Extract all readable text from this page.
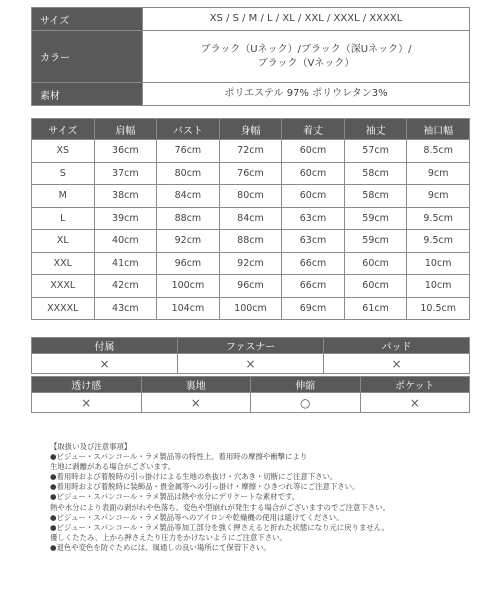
サイズ	XS / S / M / L / XL / XXL / XXXL / XXXXL
カラー	ブラック（Uネック）/ブラック（深Uネック）/
ブラック（Vネック）

素材	ポリエステル 97% ポリウレタン3%
サイズ	肩幅	バスト	身幅	着丈	袖丈	袖口幅
XS	36cm	76cm	72cm	60cm	57cm	8.5cm
S	37cm	80cm	76cm	60cm	58cm	9cm
M	38cm	84cm	80cm	60cm	58cm	9cm
L	39cm	88cm	84cm	63cm	59cm	9.5cm
XL	40cm	92cm	88cm	63cm	59cm	9.5cm
XXL	41cm	96cm	92cm	66cm	60cm	10cm
XXXL	42cm	100cm	96cm	66cm	60cm	10cm
XXXXL	43cm	104cm	100cm	69cm	61cm	10.5cm
付属	ファスナー	パッド
×	×	×
透け感	裏地	伸縮	ポケット
×	×	○	×
【取扱い及び注意事項】
●ビジュー・スパンコール・ラメ製品等の特性上、着用時の摩擦や衝撃により
生地に剥離がある場合がございます。
●着用時および着脱時の引っ掛けによる生地の糸抜け・穴あき・切断にご注意下さい。
●着用時および着脱時に装飾品・貴金属等への引っ掛け・摩擦・ひきつれ等にご注意下さい。
●ビジュー・スパンコール・ラメ製品は熱や水分にデリケートな素材です。
熱や水分により表面の剥がれや色落ち、変色や型崩れが発生する場合がございますのでご注意下さい。
●ビジュー・スパンコール・ラメ製品等へのアイロンや乾燥機の使用は避けてください。
●ビジュー・スパンコール・ラメ製品等加工部分を強く押さえると折れた状態になり元に戻りません。
優しくたたみ、上から押さえたり圧力をかけないようにご注意下さい。
●退色や変色を防ぐためには、風通しの良い場所にて保管下さい。
